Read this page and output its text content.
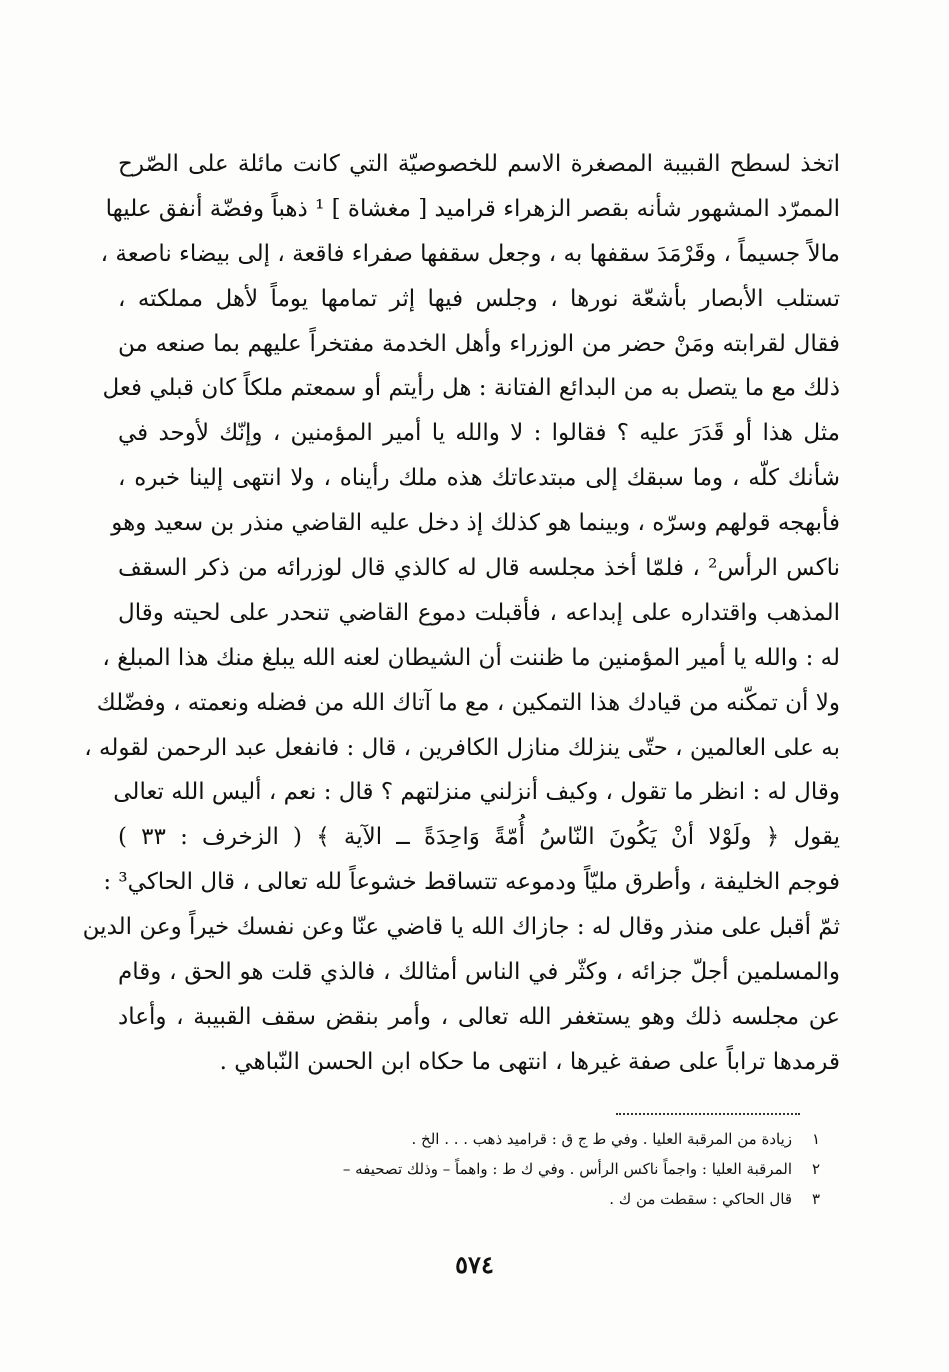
اتخذ لسطح القبيبة المصغرة الاسم للخصوصيّة التي كانت مائلة على الصّرح
الممرّد المشهور شأنه بقصر الزهراء قراميد [ مغشاة ] ¹ ذهباً وفضّة أنفق عليها
مالاً جسيماً ، وقَرْمَدَ سقفها به ، وجعل سقفها صفراء فاقعة ، إلى بيضاء ناصعة ،
تستلب الأبصار بأشعّة نورها ، وجلس فيها إثر تمامها يوماً لأهل مملكته ،
فقال لقرابته ومَنْ حضر من الوزراء وأهل الخدمة مفتخراً عليهم بما صنعه من
ذلك مع ما يتصل به من البدائع الفتانة : هل رأيتم أو سمعتم ملكاً كان قبلي فعل
مثل هذا أو قَدَرَ عليه ؟ فقالوا : لا والله يا أمير المؤمنين ، وإنّك لأوحد في
شأنك كلّه ، وما سبقك إلى مبتدعاتك هذه ملك رأيناه ، ولا انتهى إلينا خبره ،
فأبهجه قولهم وسرّه ، وبينما هو كذلك إذ دخل عليه القاضي منذر بن سعيد وهو
ناكس الرأس² ، فلمّا أخذ مجلسه قال له كالذي قال لوزرائه من ذكر السقف
المذهب واقتداره على إبداعه ، فأقبلت دموع القاضي تنحدر على لحيته وقال
له : والله يا أمير المؤمنين ما ظننت أن الشيطان لعنه الله يبلغ منك هذا المبلغ ،
ولا أن تمكّنه من قيادك هذا التمكين ، مع ما آتاك الله من فضله ونعمته ، وفضّلك
به على العالمين ، حتّى ينزلك منازل الكافرين ، قال : فانفعل عبد الرحمن لقوله ،
وقال له : انظر ما تقول ، وكيف أنزلني منزلتهم ؟ قال : نعم ، أليس الله تعالى
يقول ﴿ ولَوْلا أنْ يَكُونَ النّاسُ أُمّةً وَاحِدَةً ــ الآية ﴾ ( الزخرف : ٣٣ )
فوجم الخليفة ، وأطرق مليّاً ودموعه تتساقط خشوعاً لله تعالى ، قال الحاكي³ :
ثمّ أقبل على منذر وقال له : جازاك الله يا قاضي عنّا وعن نفسك خيراً وعن الدين
والمسلمين أجلّ جزائه ، وكثّر في الناس أمثالك ، فالذي قلت هو الحق ، وقام
عن مجلسه ذلك وهو يستغفر الله تعالى ، وأمر بنقض سقف القبيبة ، وأعاد
قرمدها تراباً على صفة غيرها ، انتهى ما حكاه ابن الحسن النّباهي .
١زيادة من المرقبة العليا . وفي ط ج ق : قراميد ذهب . . . الخ .
٢المرقبة العليا : واجماً ناكس الرأس . وفي ك ط : واهماً – وذلك تصحيفه –
٣قال الحاكي : سقطت من ك .
٥٧٤
